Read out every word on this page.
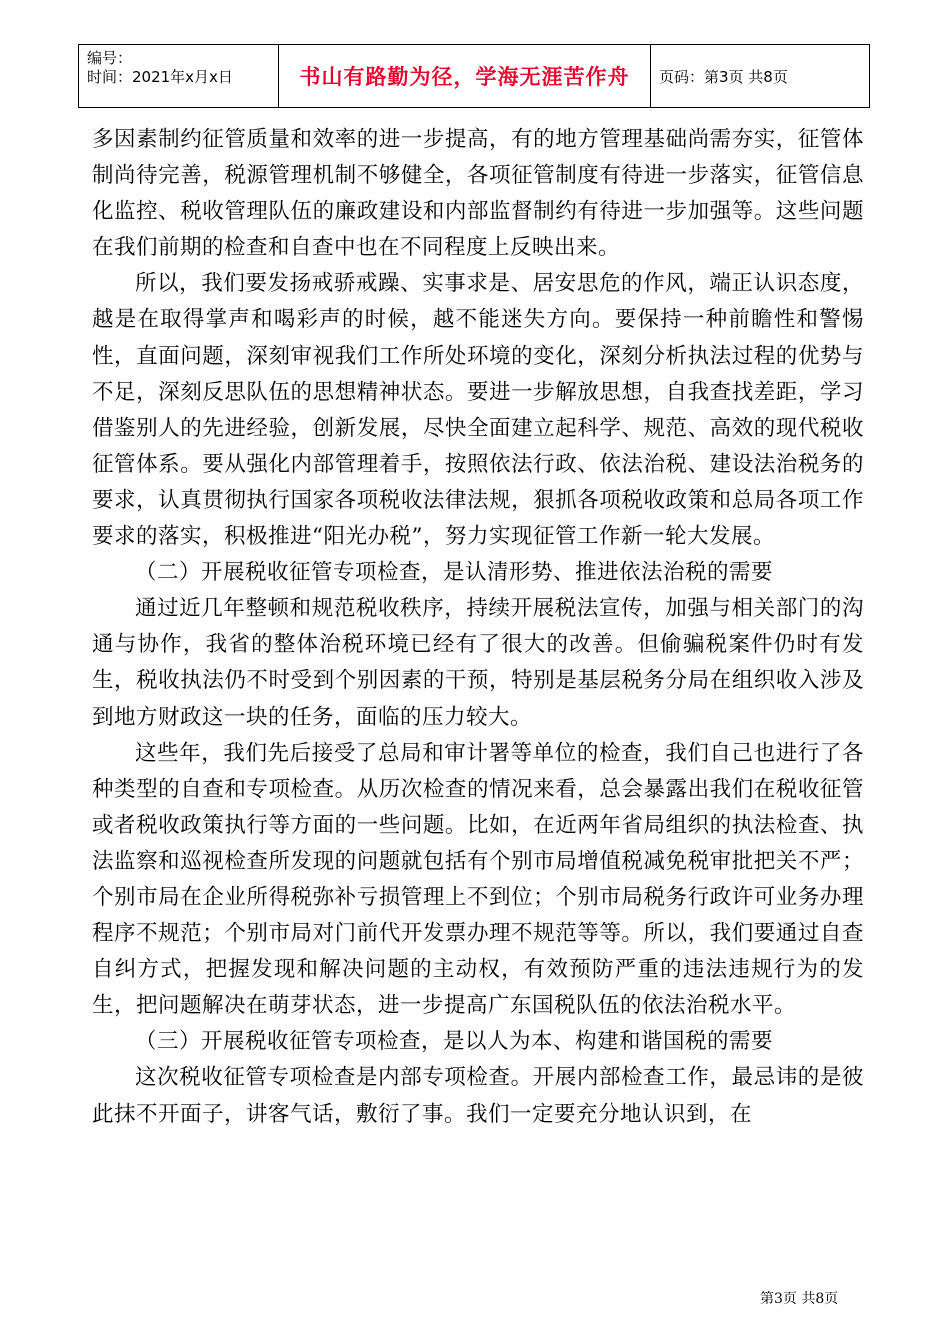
编号：
时间：2021年x月x日	书山有路勤为径，学海无涯苦作舟	页码：第3页 共8页

多因素制约征管质量和效率的进一步提高，有的地方管理基础尚需夯实，征管体制尚待完善，税源管理机制不够健全，各项征管制度有待进一步落实，征管信息化监控、税收管理队伍的廉政建设和内部监督制约有待进一步加强等。这些问题在我们前期的检查和自查中也在不同程度上反映出来。

所以，我们要发扬戒骄戒躁、实事求是、居安思危的作风，端正认识态度，越是在取得掌声和喝彩声的时候，越不能迷失方向。要保持一种前瞻性和警惕性，直面问题，深刻审视我们工作所处环境的变化，深刻分析执法过程的优势与不足，深刻反思队伍的思想精神状态。要进一步解放思想，自我查找差距，学习借鉴别人的先进经验，创新发展，尽快全面建立起科学、规范、高效的现代税收征管体系。要从强化内部管理着手，按照依法行政、依法治税、建设法治税务的要求，认真贯彻执行国家各项税收法律法规，狠抓各项税收政策和总局各项工作要求的落实，积极推进“阳光办税”，努力实现征管工作新一轮大发展。

（二）开展税收征管专项检查，是认清形势、推进依法治税的需要

通过近几年整顿和规范税收秩序，持续开展税法宣传，加强与相关部门的沟通与协作，我省的整体治税环境已经有了很大的改善。但偷骗税案件仍时有发生，税收执法仍不时受到个别因素的干预，特别是基层税务分局在组织收入涉及到地方财政这一块的任务，面临的压力较大。

这些年，我们先后接受了总局和审计署等单位的检查，我们自己也进行了各种类型的自查和专项检查。从历次检查的情况来看，总会暴露出我们在税收征管或者税收政策执行等方面的一些问题。比如，在近两年省局组织的执法检查、执法监察和巡视检查所发现的问题就包括有个别市局增值税减免税审批把关不严；个别市局在企业所得税弥补亏损管理上不到位；个别市局税务行政许可业务办理程序不规范；个别市局对门前代开发票办理不规范等等。所以，我们要通过自查自纠方式，把握发现和解决问题的主动权，有效预防严重的违法违规行为的发生，把问题解决在萌芽状态，进一步提高广东国税队伍的依法治税水平。

（三）开展税收征管专项检查，是以人为本、构建和谐国税的需要

这次税收征管专项检查是内部专项检查。开展内部检查工作，最忌讳的是彼此抹不开面子，讲客气话，敷衍了事。我们一定要充分地认识到，在

第3页 共8页
